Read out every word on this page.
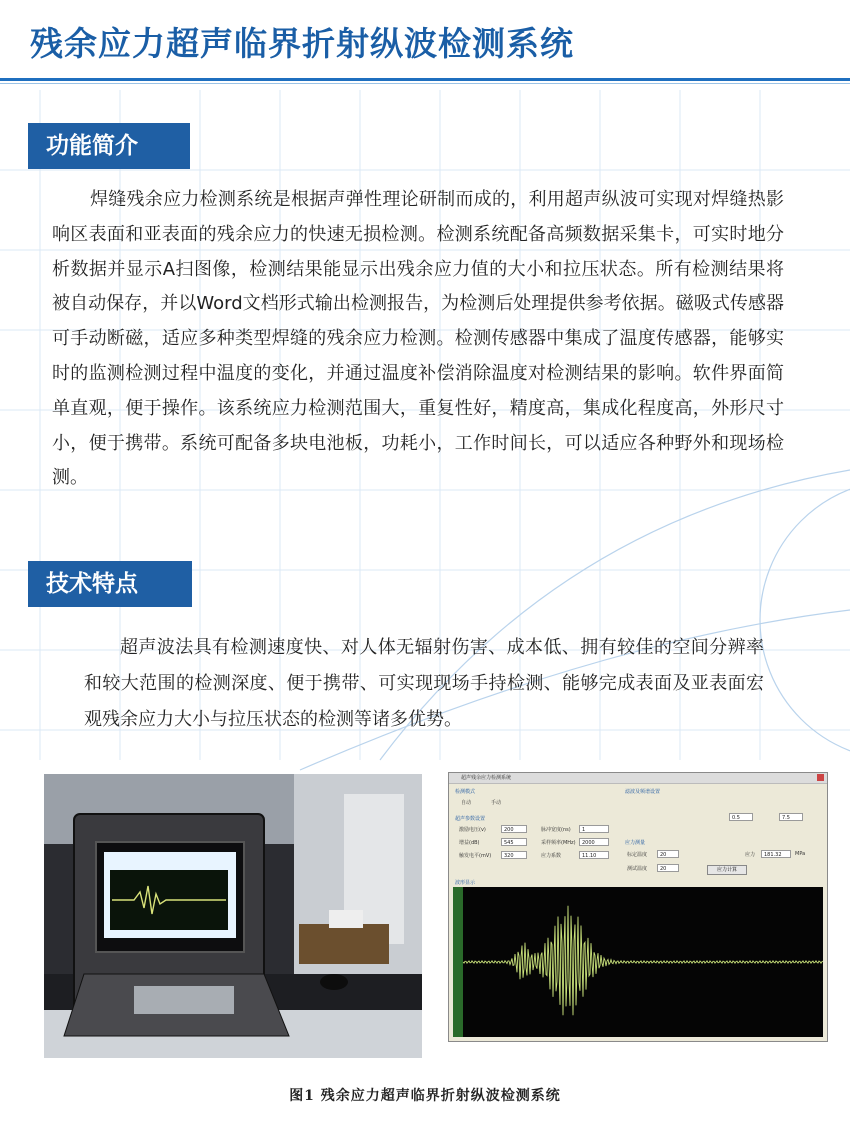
残余应力超声临界折射纵波检测系统
功能简介

焊缝残余应力检测系统是根据声弹性理论研制而成的，利用超声纵波可实现对焊缝热影响区表面和亚表面的残余应力的快速无损检测。检测系统配备高频数据采集卡，可实时地分析数据并显示A扫图像，检测结果能显示出残余应力值的大小和拉压状态。所有检测结果将被自动保存，并以Word文档形式输出检测报告，为检测后处理提供参考依据。磁吸式传感器可手动断磁，适应多种类型焊缝的残余应力检测。检测传感器中集成了温度传感器，能够实时的监测检测过程中温度的变化，并通过温度补偿消除温度对检测结果的影响。软件界面简单直观，便于操作。该系统应力检测范围大，重复性好，精度高，集成化程度高，外形尺寸小，便于携带。系统可配备多块电池板，功耗小，工作时间长，可以适应各种野外和现场检测。

技术特点

超声波法具有检测速度快、对人体无辐射伤害、成本低、拥有较佳的空间分辨率和较大范围的检测深度、便于携带、可实现现场手持检测、能够完成表面及亚表面宏观残余应力大小与拉压状态的检测等诸多优势。

超声残余应力检测系统
检测模式
自动	手动
超声参数设置
激励电压(v)	200	脉冲宽度(ns)	1
增益(dB)	545	采样频率(MHz)	2000
触发电平(mV)	320	应力系数	11.10
滤波及频谱设置
0.5	7.5
应力测量
标定温度	20
测试温度	20
应力	181.32	MPa
应力计算
波形显示
图1 残余应力超声临界折射纵波检测系统
